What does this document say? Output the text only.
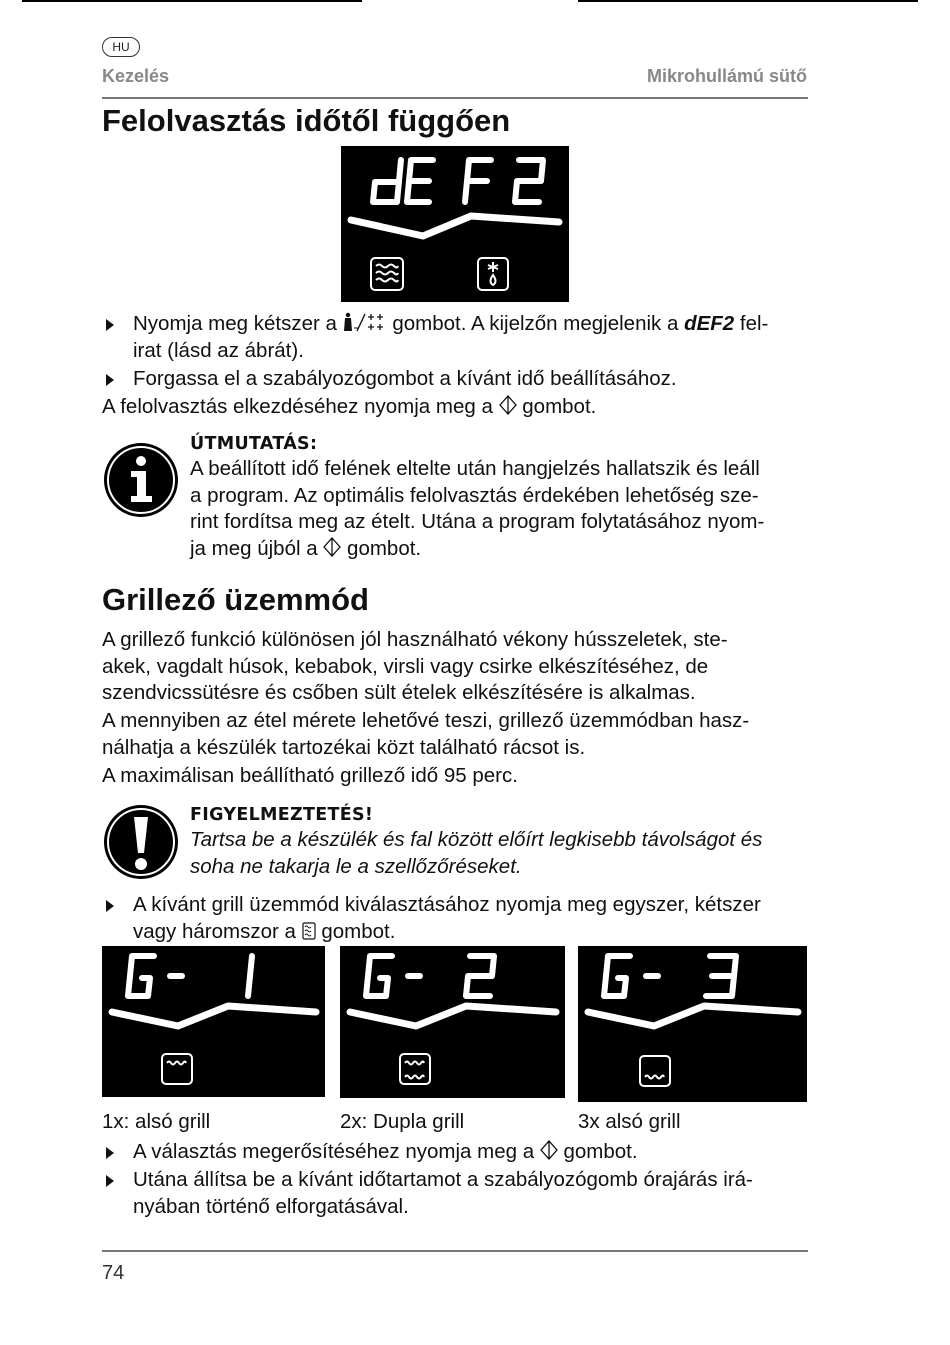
HU
Kezelés	Mikrohullámú sütő
Felolvasztás időtől függően
Nyomja meg kétszer a	gombot. A kijelzőn megjelenik a dEF2 fel-
irat (lásd az ábrát).
Forgassa el a szabályozógombot a kívánt idő beállításához.
A felolvasztás elkezdéséhez nyomja meg a gombot.
ÚTMUTATÁS:
A beállított idő felének eltelte után hangjelzés hallatszik és leáll
a program. Az optimális felolvasztás érdekében lehetőség sze-
rint fordítsa meg az ételt. Utána a program folytatásához nyom-
ja meg újból a gombot.
Grillező üzemmód
A grillező funkció különösen jól használható vékony hússzeletek, ste-
akek, vagdalt húsok, kebabok, virsli vagy csirke elkészítéséhez, de
szendvicssütésre és csőben sült ételek elkészítésére is alkalmas.
A mennyiben az étel mérete lehetővé teszi, grillező üzemmódban hasz-
nálhatja a készülék tartozékai közt található rácsot is.
A maximálisan beállítható grillező idő 95 perc.
FIGYELMEZTETÉS!
Tartsa be a készülék és fal között előírt legkisebb távolságot és
soha ne takarja le a szellőzőréseket.
A kívánt grill üzemmód kiválasztásához nyomja meg egyszer, kétszer
vagy háromszor a gombot.
1x: alsó grill	2x: Dupla grill	3x alsó grill
A választás megerősítéséhez nyomja meg a gombot.
Utána állítsa be a kívánt időtartamot a szabályozógomb órajárás irá-
nyában történő elforgatásával.
74
